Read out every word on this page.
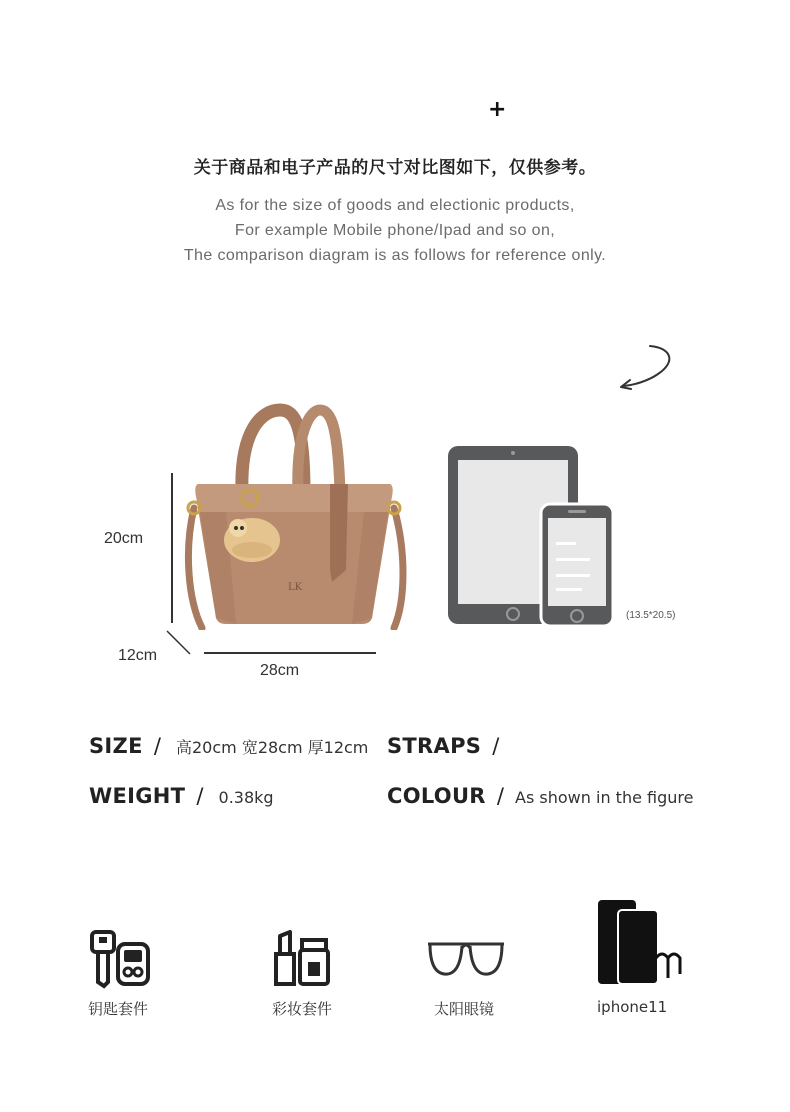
+
关于商品和电子产品的尺寸对比图如下，仅供参考。
As for the size of goods and electionic products,
For example Mobile phone/Ipad and so on,
The comparison diagram is as follows for reference only.
LK
20cm
12cm
28cm
(13.5*20.5)
SIZE / 高20cm 宽28cm 厚12cm STRAPS /
WEIGHT / 0.38kg	COLOUR / As shown in the figure
钥匙套件	彩妆套件	太阳眼镜	iphone11
